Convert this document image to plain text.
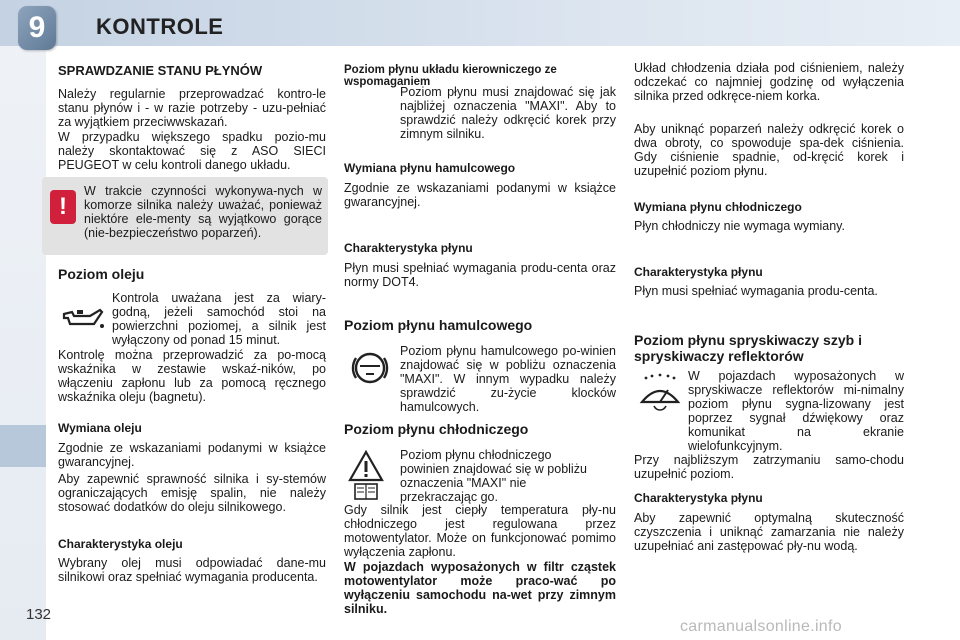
9	KONTROLE
SPRAWDZANIE STANU PŁYNÓW

Należy regularnie przeprowadzać kontro-le stanu płynów i - w razie potrzeby - uzu-pełniać za wyjątkiem przeciwwskazań.

W przypadku większego spadku pozio-mu należy skontaktować się z ASO SIECI PEUGEOT w celu kontroli danego układu.

!

W trakcie czynności wykonywa-nych w komorze silnika należy uważać, ponieważ niektóre ele-menty są wyjątkowo gorące (nie-bezpieczeństwo poparzeń).

Poziom oleju

Kontrola uważana jest za wiary-godną, jeżeli samochód stoi na powierzchni poziomej, a silnik jest wyłączony od ponad 15 minut.

Kontrolę można przeprowadzić za po-mocą wskaźnika w zestawie wskaź-ników, po włączeniu zapłonu lub za pomocą ręcznego wskaźnika oleju (bagnetu).

Wymiana oleju

Zgodnie ze wskazaniami podanymi w książce gwarancyjnej.

Aby zapewnić sprawność silnika i sy-stemów ograniczających emisję spalin, nie należy stosować dodatków do oleju silnikowego.

Charakterystyka oleju

Wybrany olej musi odpowiadać dane-mu silnikowi oraz spełniać wymagania producenta.

Poziom płynu układu kierowniczego ze wspomaganiem

Poziom płynu musi znajdować się jak najbliżej oznaczenia "MAXI". Aby to sprawdzić należy odkręcić korek przy zimnym silniku.

Wymiana płynu hamulcowego

Zgodnie ze wskazaniami podanymi w książce gwarancyjnej.

Charakterystyka płynu

Płyn musi spełniać wymagania produ-centa oraz normy DOT4.

Poziom płynu hamulcowego

Poziom płynu hamulcowego po-winien znajdować się w pobliżu oznaczenia "MAXI". W innym wypadku należy sprawdzić zu-życie klocków hamulcowych.

Poziom płynu chłodniczego

Poziom płynu chłodniczego powinien znajdować się w pobliżu oznaczenia "MAXI" nie przekraczając go.

Gdy silnik jest ciepły temperatura pły-nu chłodniczego jest regulowana przez motowentylator. Może on funkcjonować pomimo wyłączenia zapłonu.

W pojazdach wyposażonych w filtr cząstek motowentylator może praco-wać po wyłączeniu samochodu na-wet przy zimnym silniku.

Układ chłodzenia działa pod ciśnieniem, należy odczekać co najmniej godzinę od wyłączenia silnika przed odkręce-niem korka.

Aby uniknąć poparzeń należy odkręcić korek o dwa obroty, co spowoduje spa-dek ciśnienia. Gdy ciśnienie spadnie, od-kręcić korek i uzupełnić poziom płynu.

Wymiana płynu chłodniczego

Płyn chłodniczy nie wymaga wymiany.

Charakterystyka płynu

Płyn musi spełniać wymagania produ-centa.

Poziom płynu spryskiwaczy szyb i spryskiwaczy reflektorów

W pojazdach wyposażonych w spryskiwacze reflektorów mi-nimalny poziom płynu sygna-lizowany jest poprzez sygnał dźwiękowy oraz komunikat na ekranie wielofunkcyjnym.

Przy najbliższym zatrzymaniu samo-chodu uzupełnić poziom.

Charakterystyka płynu

Aby zapewnić optymalną skuteczność czyszczenia i uniknąć zamarzania nie należy uzupełniać ani zastępować pły-nu wodą.

132
carmanualsonline.info
